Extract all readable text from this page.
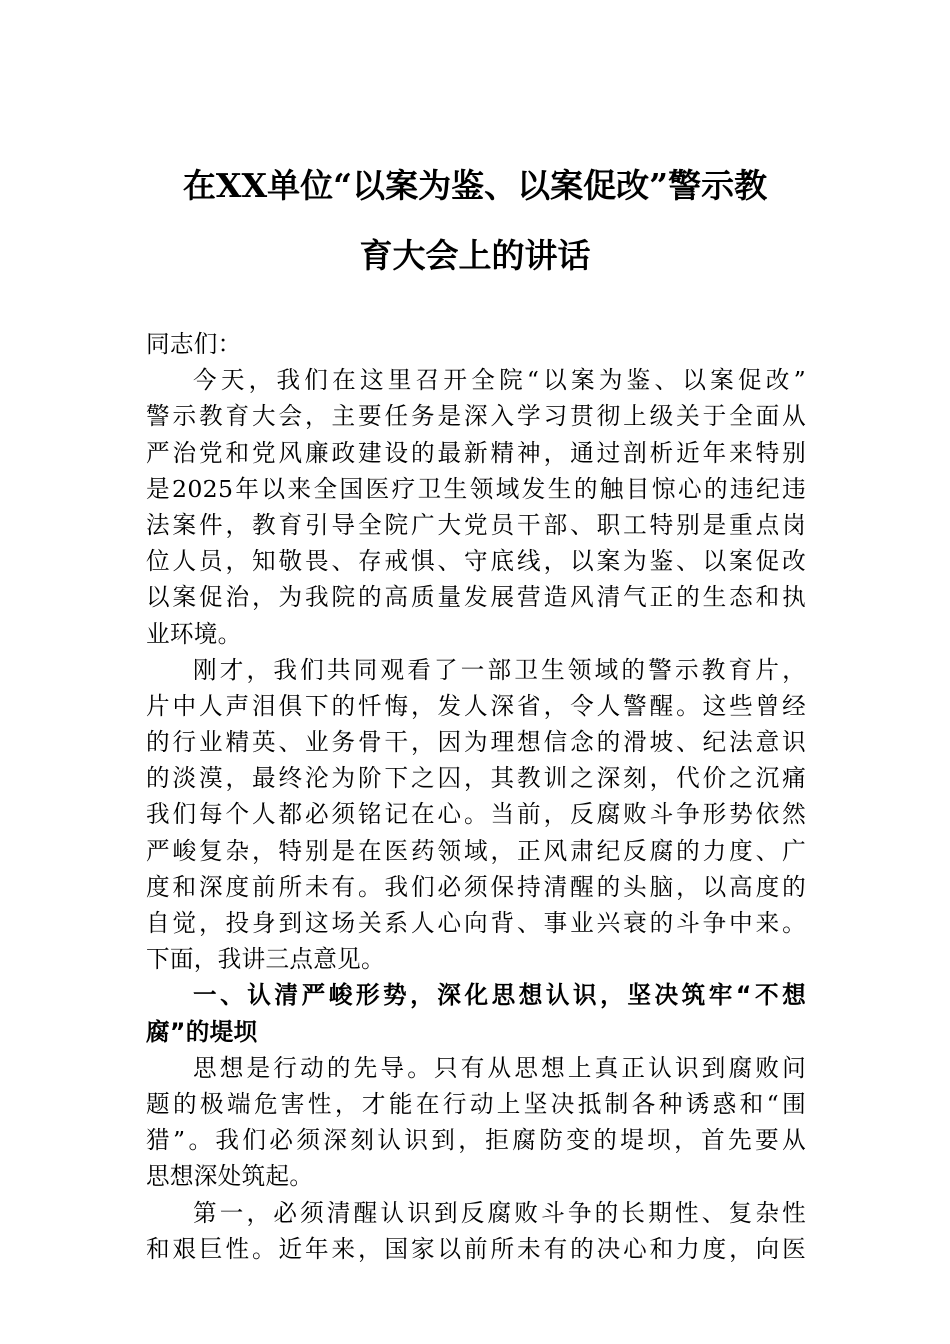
在XX单位“以案为鉴、以案促改”警示教
育大会上的讲话
同志们：
今天，我们在这里召开全院“以案为鉴、以案促改”
警示教育大会，主要任务是深入学习贯彻上级关于全面从
严治党和党风廉政建设的最新精神，通过剖析近年来特别
是2025年以来全国医疗卫生领域发生的触目惊心的违纪违
法案件，教育引导全院广大党员干部、职工特别是重点岗
位人员，知敬畏、存戒惧、守底线，以案为鉴、以案促改
以案促治，为我院的高质量发展营造风清气正的生态和执
业环境。
刚才，我们共同观看了一部卫生领域的警示教育片，
片中人声泪俱下的忏悔，发人深省，令人警醒。这些曾经
的行业精英、业务骨干，因为理想信念的滑坡、纪法意识
的淡漠，最终沦为阶下之囚，其教训之深刻，代价之沉痛
我们每个人都必须铭记在心。当前，反腐败斗争形势依然
严峻复杂，特别是在医药领域，正风肃纪反腐的力度、广
度和深度前所未有。我们必须保持清醒的头脑，以高度的
自觉，投身到这场关系人心向背、事业兴衰的斗争中来。
下面，我讲三点意见。
一、认清严峻形势，深化思想认识，坚决筑牢“不想
腐”的堤坝
思想是行动的先导。只有从思想上真正认识到腐败问
题的极端危害性，才能在行动上坚决抵制各种诱惑和“围
猎”。我们必须深刻认识到，拒腐防变的堤坝，首先要从
思想深处筑起。
第一，必须清醒认识到反腐败斗争的长期性、复杂性
和艰巨性。近年来，国家以前所未有的决心和力度，向医
